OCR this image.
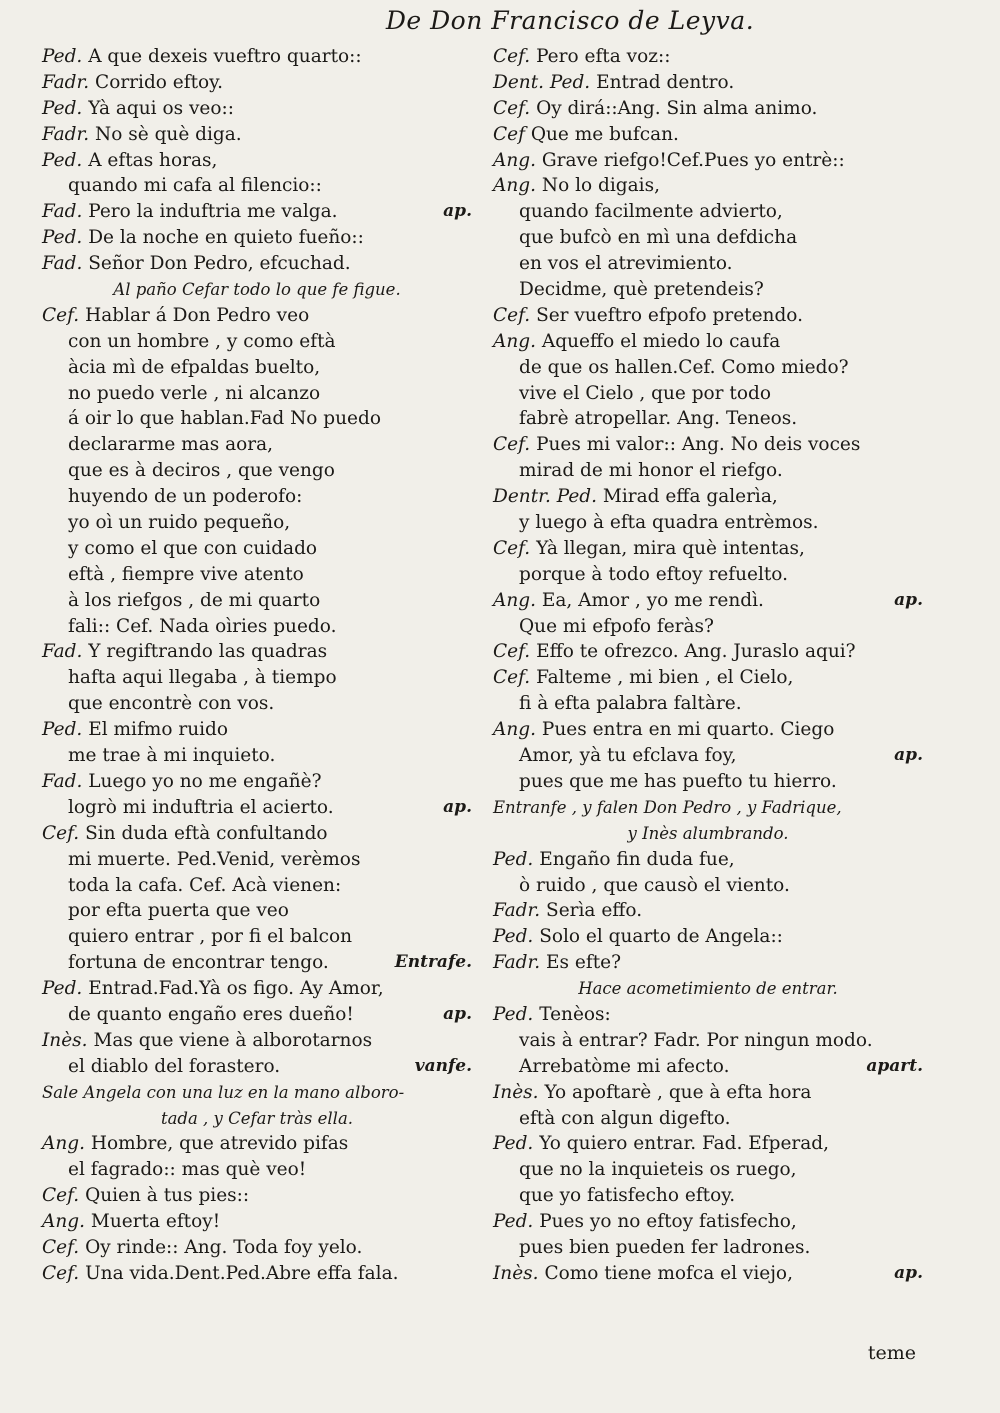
De Don Francisco de Leyva.
Ped. A que dexeis vueftro quarto::
Fadr. Corrido eftoy.
Ped. Yà aqui os veo::
Fadr. No sè què diga.
Ped. A eftas horas,
quando mi cafa al filencio::
Fad. Pero la induftria me valga.	ap.
Ped. De la noche en quieto fueño::
Fad. Señor Don Pedro, efcuchad.
Al paño Cefar todo lo que fe figue.
Cef. Hablar á Don Pedro veo
con un hombre , y como eftà
àcia mì de efpaldas buelto,
no puedo verle , ni alcanzo
á oir lo que hablan.Fad No puedo
declararme mas aora,
que es à deciros , que vengo
huyendo de un poderofo:
yo oì un ruido pequeño,
y como el que con cuidado
eftà , fiempre vive atento
à los riefgos , de mi quarto
fali:: Cef. Nada oìries puedo.
Fad. Y regiftrando las quadras
hafta aqui llegaba , à tiempo
que encontrè con vos.
Ped. El mifmo ruido
me trae à mi inquieto.
Fad. Luego yo no me engañè?
logrò mi induftria el acierto.	ap.
Cef. Sin duda eftà confultando
mi muerte. Ped.Venid, verèmos
toda la cafa. Cef. Acà vienen:
por efta puerta que veo
quiero entrar , por fi el balcon
fortuna de encontrar tengo.	Entrafe.
Ped. Entrad.Fad.Yà os figo. Ay Amor,
de quanto engaño eres dueño!	ap.
Inès. Mas que viene à alborotarnos
el diablo del forastero.	vanfe.
Sale Angela con una luz en la mano alboro-
tada , y Cefar tràs ella.
Ang. Hombre, que atrevido pifas
el fagrado:: mas què veo!
Cef. Quien à tus pies::
Ang. Muerta eftoy!
Cef. Oy rinde:: Ang. Toda foy yelo.
Cef. Una vida.Dent.Ped.Abre effa fala.
Cef. Pero efta voz::
Dent. Ped. Entrad dentro.
Cef. Oy dirá::Ang. Sin alma animo.
Cef Que me bufcan.
Ang. Grave riefgo!Cef.Pues yo entrè::
Ang. No lo digais,
quando facilmente advierto,
que bufcò en mì una defdicha
en vos el atrevimiento.
Decidme, què pretendeis?
Cef. Ser vueftro efpofo pretendo.
Ang. Aqueffo el miedo lo caufa
de que os hallen.Cef. Como miedo?
vive el Cielo , que por todo
fabrè atropellar. Ang. Teneos.
Cef. Pues mi valor:: Ang. No deis voces
mirad de mi honor el riefgo.
Dentr. Ped. Mirad effa galerìa,
y luego à efta quadra entrèmos.
Cef. Yà llegan, mira què intentas,
porque à todo eftoy refuelto.
Ang. Ea, Amor , yo me rendì.	ap.
Que mi efpofo feràs?
Cef. Effo te ofrezco. Ang. Juraslo aqui?
Cef. Falteme , mi bien , el Cielo,
fi à efta palabra faltàre.
Ang. Pues entra en mi quarto. Ciego
Amor, yà tu efclava foy,	ap.
pues que me has puefto tu hierro.
Entranfe , y falen Don Pedro , y Fadrique,
y Inès alumbrando.
Ped. Engaño fin duda fue,
ò ruido , que causò el viento.
Fadr. Serìa effo.
Ped. Solo el quarto de Angela::
Fadr. Es efte?
Hace acometimiento de entrar.
Ped. Tenèos:
vais à entrar? Fadr. Por ningun modo.
Arrebatòme mi afecto.	apart.
Inès. Yo apoftarè , que à efta hora
eftà con algun digefto.
Ped. Yo quiero entrar. Fad. Efperad,
que no la inquieteis os ruego,
que yo fatisfecho eftoy.
Ped. Pues yo no eftoy fatisfecho,
pues bien pueden fer ladrones.
Inès. Como tiene mofca el viejo,	ap.
teme
